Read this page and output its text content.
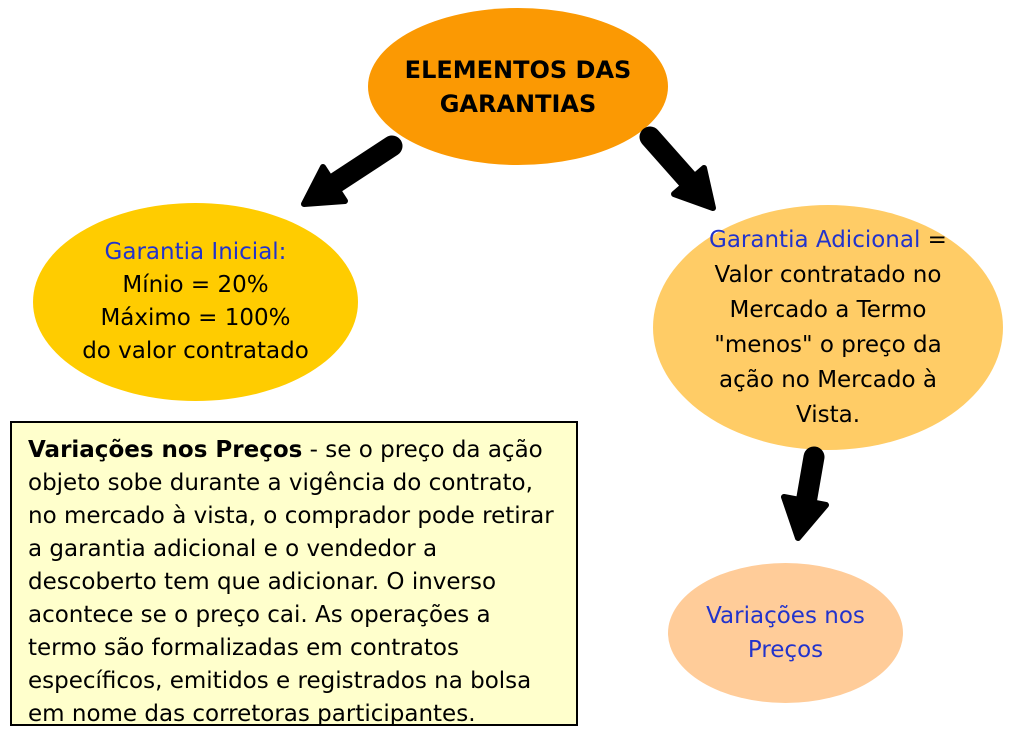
ELEMENTOS DAS
GARANTIAS
Garantia Inicial:
Mínio = 20%
Máximo = 100%
do valor contratado
Garantia Adicional =
Valor contratado no
Mercado a Termo
"menos" o preço da
ação no Mercado à
Vista.
Variações nos
Preços
Variações nos Preços - se o preço da ação
objeto sobe durante a vigência do contrato,
no mercado à vista, o comprador pode retirar
a garantia adicional e o vendedor a
descoberto tem que adicionar. O inverso
acontece se o preço cai. As operações a
termo são formalizadas em contratos
específicos, emitidos e registrados na bolsa
em nome das corretoras participantes.
